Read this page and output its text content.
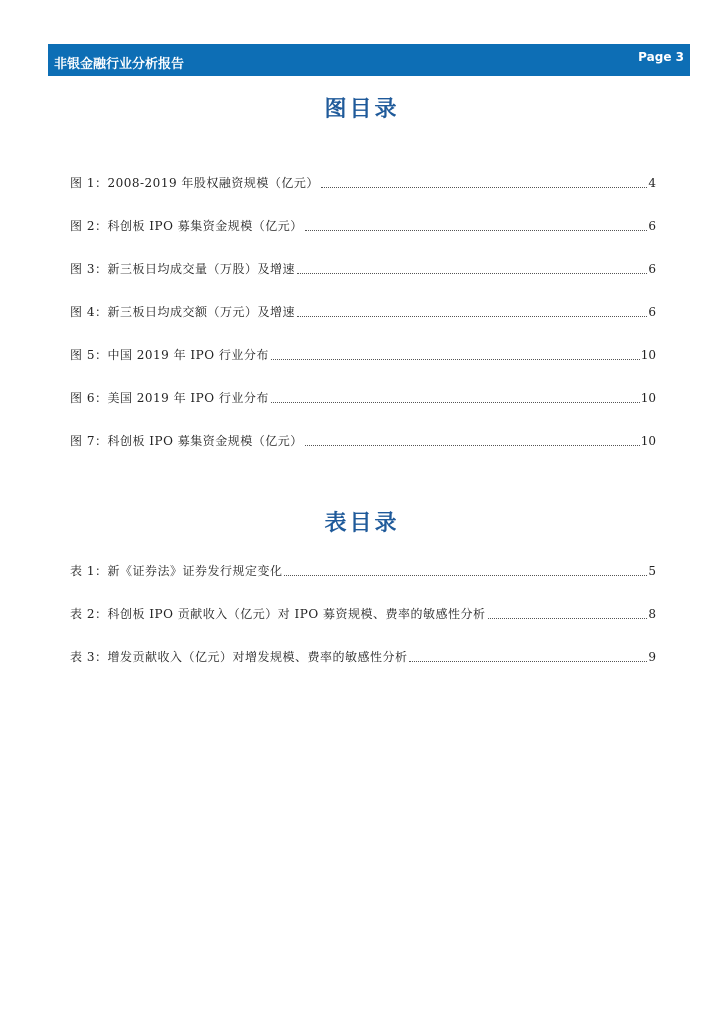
非银金融行业分析报告	Page 3
图目录
图 1：2008-2019 年股权融资规模（亿元）	4
图 2：科创板 IPO 募集资金规模（亿元）	6
图 3：新三板日均成交量（万股）及增速	6
图 4：新三板日均成交额（万元）及增速	6
图 5：中国 2019 年 IPO 行业分布	10
图 6：美国 2019 年 IPO 行业分布	10
图 7：科创板 IPO 募集资金规模（亿元）	10
表目录
表 1：新《证券法》证券发行规定变化	5
表 2：科创板 IPO 贡献收入（亿元）对 IPO 募资规模、费率的敏感性分析	8
表 3：增发贡献收入（亿元）对增发规模、费率的敏感性分析	9
